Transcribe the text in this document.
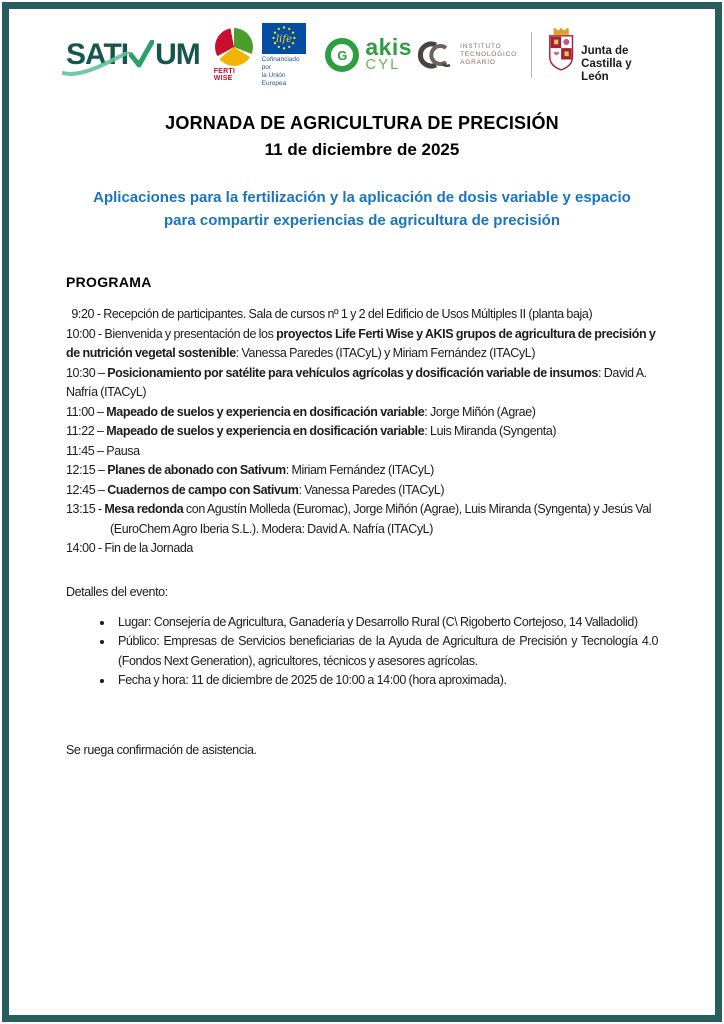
SATI UM
FERTI WISE
life
Cofinanciado por
la Unión Europea
G akis
CYL
INSTITUTO
TECNOLÓGICO
AGRARIO
Junta de
Castilla y León
JORNADA DE AGRICULTURA DE PRECISIÓN
11 de diciembre de 2025
Aplicaciones para la fertilización y la aplicación de dosis variable y espacio
para compartir experiencias de agricultura de precisión
PROGRAMA
9:20 - Recepción de participantes. Sala de cursos nº 1 y 2 del Edificio de Usos Múltiples II (planta baja)
10:00 - Bienvenida y presentación de los proyectos Life Ferti Wise y AKIS grupos de agricultura de precisión y de nutrición vegetal sostenible: Vanessa Paredes (ITACyL) y Miriam Fernández (ITACyL)
10:30 – Posicionamiento por satélite para vehículos agrícolas y dosificación variable de insumos: David A. Nafría (ITACyL)
11:00 – Mapeado de suelos y experiencia en dosificación variable: Jorge Miñón (Agrae)
11:22 – Mapeado de suelos y experiencia en dosificación variable: Luis Miranda (Syngenta)
11:45 – Pausa
12:15 – Planes de abonado con Sativum: Miriam Fernández (ITACyL)
12:45 – Cuadernos de campo con Sativum: Vanessa Paredes (ITACyL)
13:15 - Mesa redonda con Agustín Molleda (Euromac), Jorge Miñón (Agrae), Luis Miranda (Syngenta) y Jesús Val (EuroChem Agro Iberia S.L.). Modera: David A. Nafría (ITACyL)
14:00 - Fin de la Jornada
Detalles del evento:
• Lugar: Consejería de Agricultura, Ganadería y Desarrollo Rural (C\ Rigoberto Cortejoso, 14 Valladolid)
• Público: Empresas de Servicios beneficiarias de la Ayuda de Agricultura de Precisión y Tecnología 4.0 (Fondos Next Generation), agricultores, técnicos y asesores agrícolas.
• Fecha y hora: 11 de diciembre de 2025 de 10:00 a 14:00 (hora aproximada).
Se ruega confirmación de asistencia.
